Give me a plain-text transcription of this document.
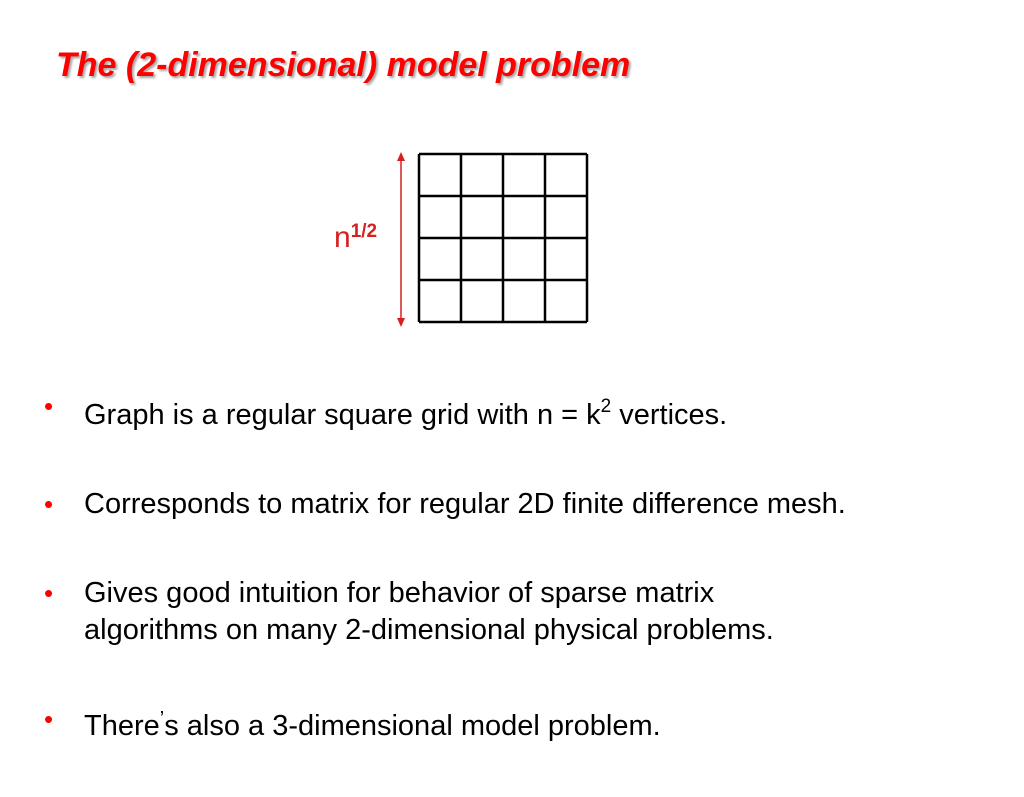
The (2-dimensional) model problem
$n^{1/2}$
• Graph is a regular square grid with $n = k^2$ vertices.
• Corresponds to matrix for regular 2D finite difference mesh.
• Gives good intuition for behavior of sparse matrix
algorithms on many 2-dimensional physical problems.
• There’s also a 3-dimensional model problem.
